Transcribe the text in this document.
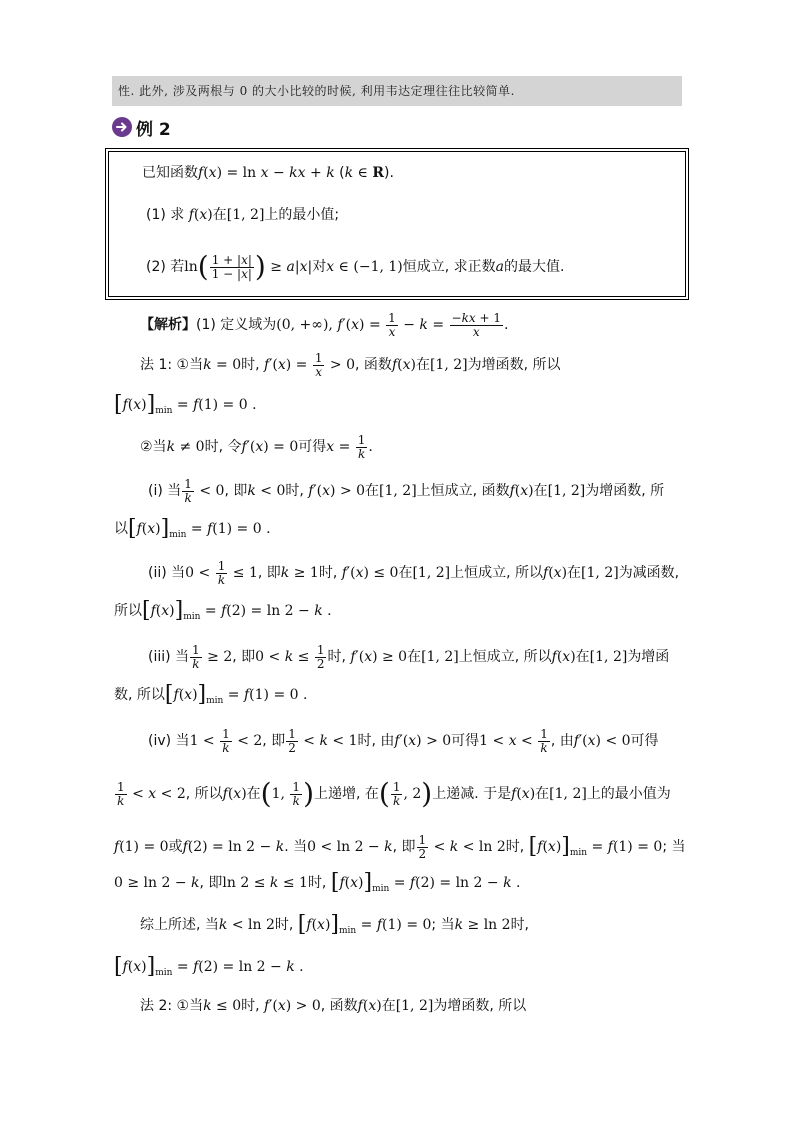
性. 此外, 涉及两根与 0 的大小比较的时候, 利用韦达定理往往比较简单.
例 2
已知函数f(x) = ln x − kx + k (k ∈ R).
(1) 求 f(x)在[1, 2]上的最小值;
(2) 若$\ln( \frac{1 + |x|}{1 - |x|}$ ) ≥ a|x|对x ∈ (−1, 1)恒成立, 求正数a的最大值.
【解析】(1) 定义域为(0, +∞), $f'(x) = \frac{1}{x} - k = \frac{-kx + 1}{x}$ .
法 1: ①当k = 0时, $f'(x) = \frac{1}{x} > 0$, 函数f(x)在[1, 2]为增函数, 所以
$[f(x)]_{min} = f(1) = 0$ .
②当k ≠ 0时, 令f′(x) = 0可得$x = \frac{1}{k}$ .
(i) 当 $\frac{1}{k} < 0$, 即k < 0时, f′(x) > 0在[1, 2]上恒成立, 函数f(x)在[1, 2]为增函数, 所
以$[f(x)]_{min} = f(1) = 0$ .
(ii) 当$0 < \frac{1}{k} \le 1$, 即k ≥ 1时, f′(x) ≤ 0在[1, 2]上恒成立, 所以f(x)在[1, 2]为减函数,
所以$[f(x)]_{min} = f(2) = \ln 2 - k$ .
(iii) 当 $\frac{1}{k} \ge 2$, 即$0 < k \le \frac{1}{2}$ 时, f′(x) ≥ 0在[1, 2]上恒成立, 所以f(x)在[1, 2]为增函
数, 所以$[f(x)]_{min} = f(1) = 0$ .
(iv) 当$1 < \frac{1}{k} < 2$, 即 $\frac{1}{2} < k < 1$时, 由f′(x) > 0可得$1 < x < \frac{1}{k}$ , 由f′(x) < 0可得
$\frac{1}{k} < x < 2$, 所以f(x)在(1, $\frac{1}{k}$ )上递增, 在( $\frac{1}{k}$ , 2)上递减. 于是f(x)在[1, 2]上的最小值为
f(1) = 0或f(2) = ln 2 − k. 当0 < ln 2 − k, 即 $\frac{1}{2} < k < \ln 2$时, $[f(x)]_{min} = f(1) = 0$; 当
0 ≥ ln 2 − k, 即ln 2 ≤ k ≤ 1时, $[f(x)]_{min} = f(2) = \ln 2 - k$ .
综上所述, 当k < ln 2时, $[f(x)]_{min} = f(1) = 0$; 当k ≥ ln 2时,
$[f(x)]_{min} = f(2) = \ln 2 - k$ .
法 2: ①当k ≤ 0时, f′(x) > 0, 函数f(x)在[1, 2]为增函数, 所以
